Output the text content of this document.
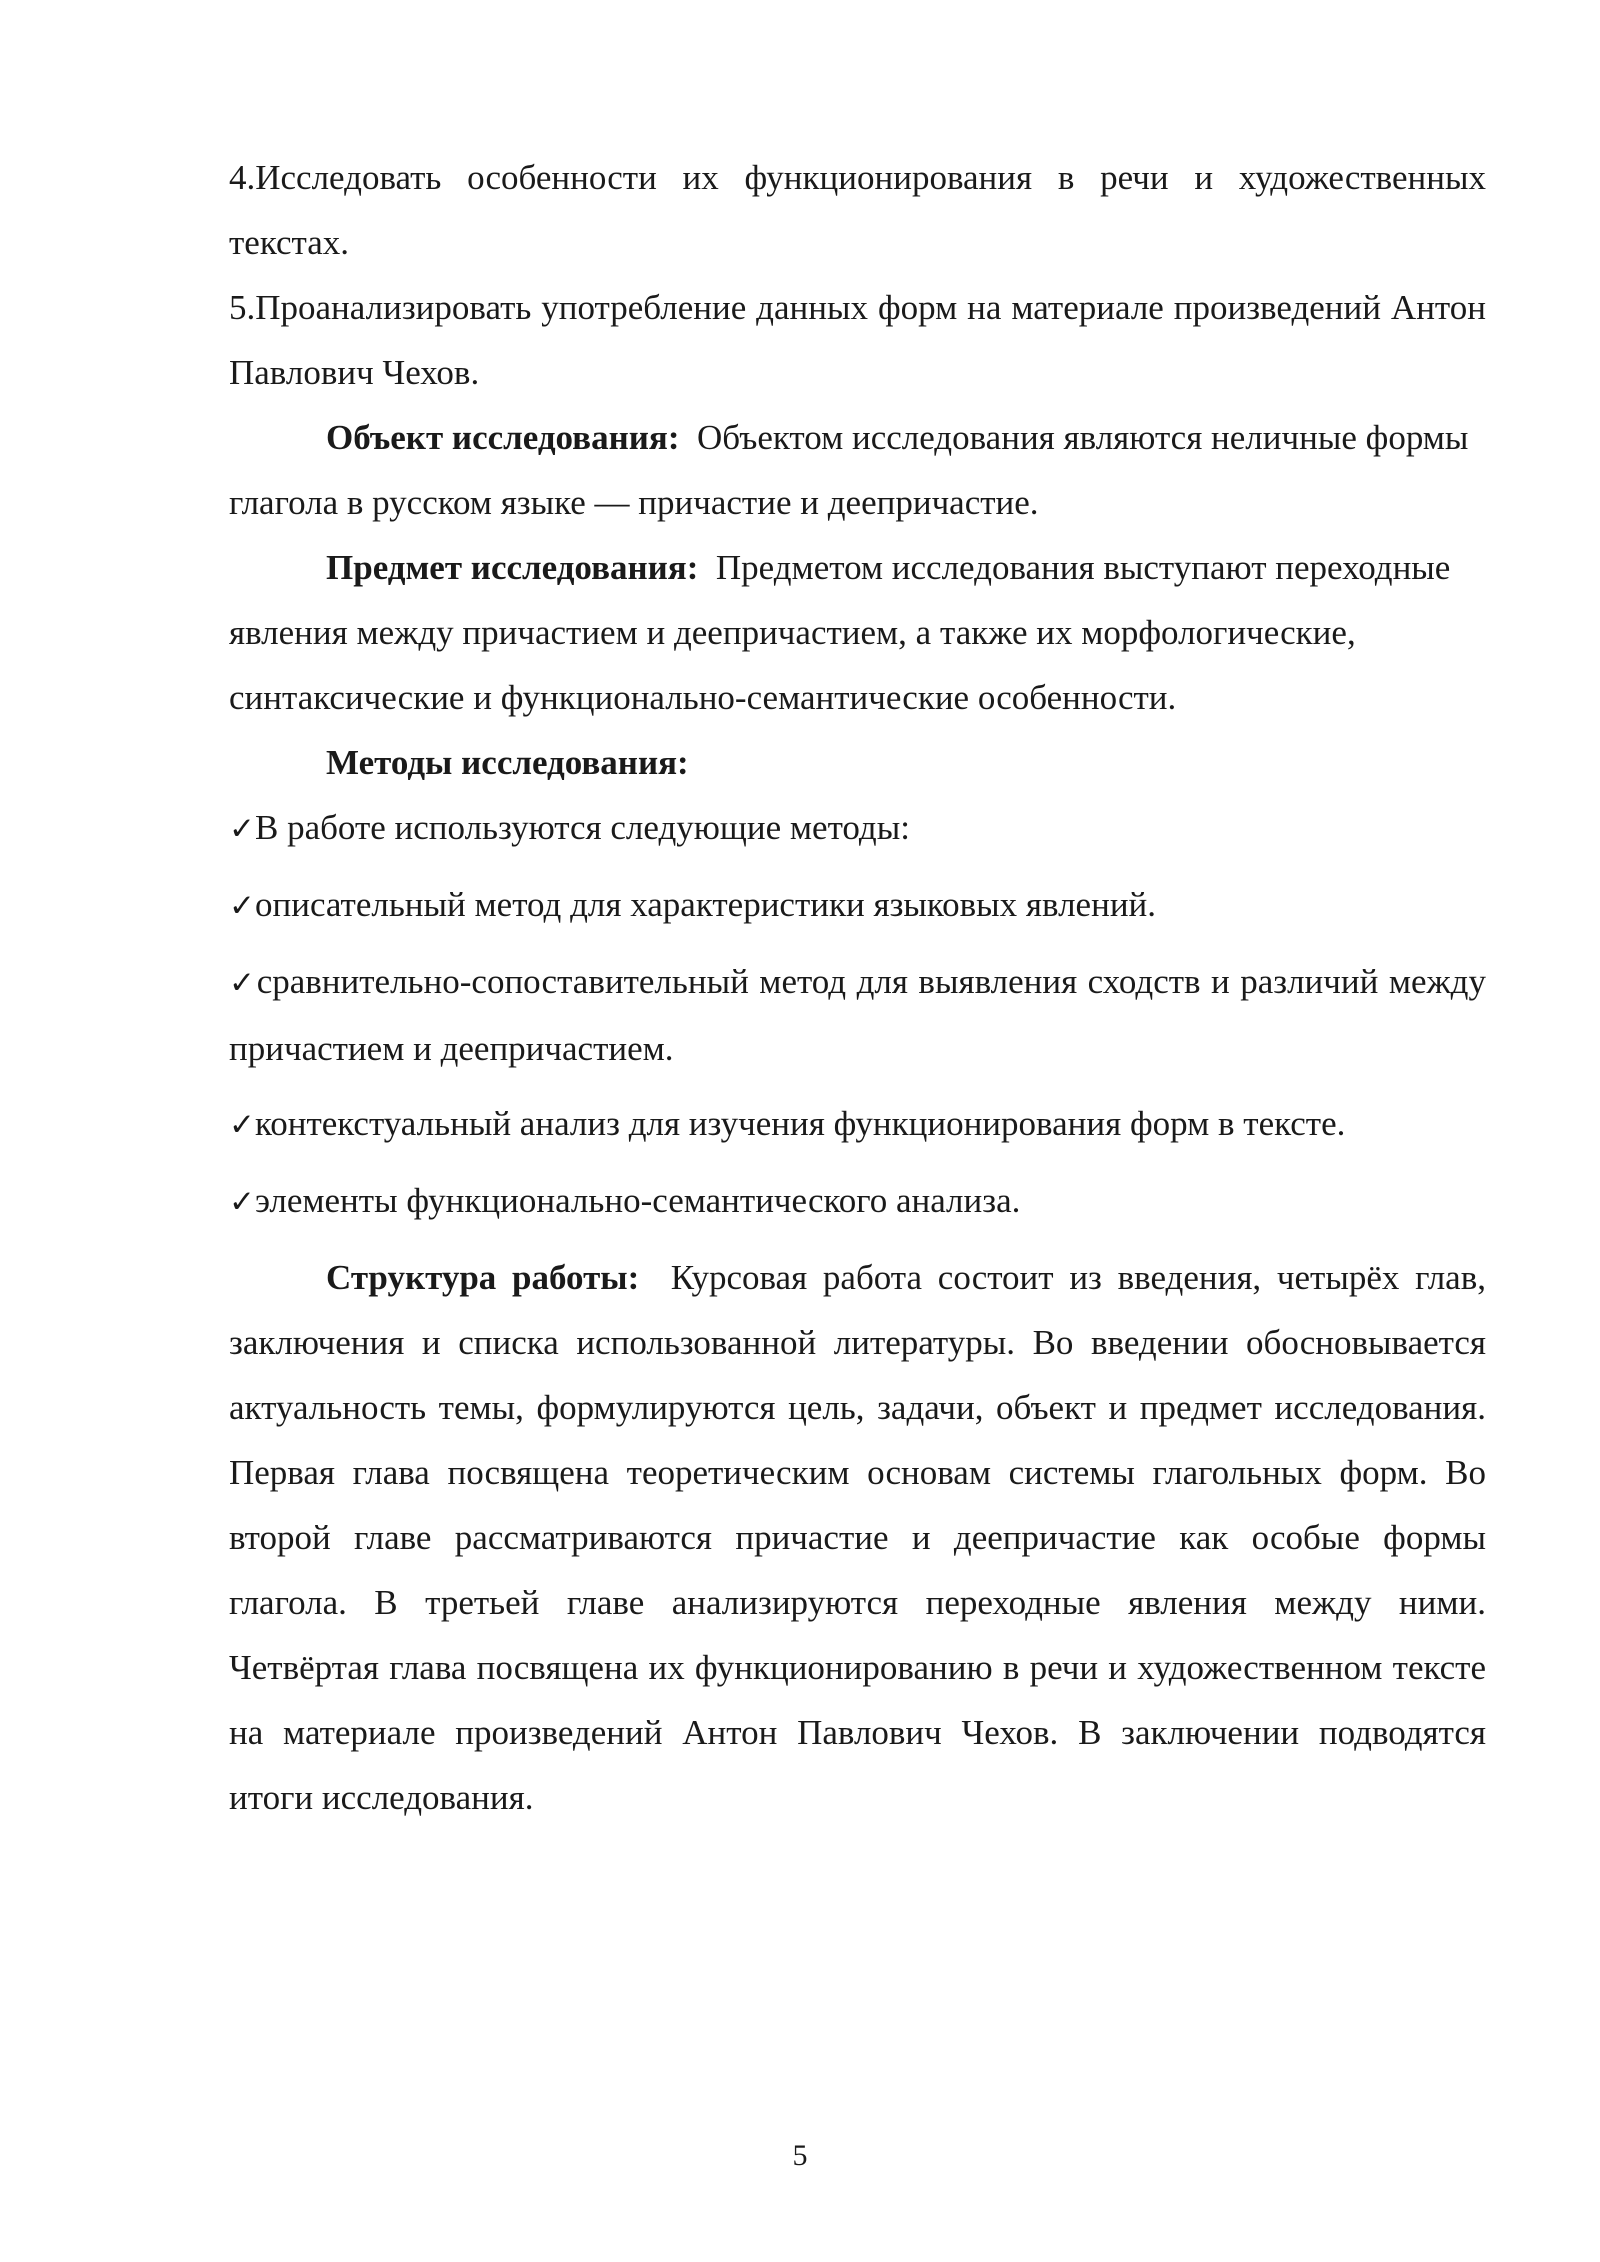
4.Исследовать особенности их функционирования в речи и художественных текстах.

5.Проанализировать употребление данных форм на материале произведений Антон Павлович Чехов.

Объект исследования: Объектом исследования являются неличные формы глагола в русском языке — причастие и деепричастие.

Предмет исследования: Предметом исследования выступают переходные явления между причастием и деепричастием, а также их морфологические, синтаксические и функционально-семантические особенности.

Методы исследования:

✓В работе используются следующие методы:

✓описательный метод для характеристики языковых явлений.

✓сравнительно-сопоставительный метод для выявления сходств и различий между причастием и деепричастием.

✓контекстуальный анализ для изучения функционирования форм в тексте.

✓элементы функционально-семантического анализа.

Структура работы: Курсовая работа состоит из введения, четырёх глав, заключения и списка использованной литературы. Во введении обосновывается актуальность темы, формулируются цель, задачи, объект и предмет исследования. Первая глава посвящена теоретическим основам системы глагольных форм. Во второй главе рассматриваются причастие и деепричастие как особые формы глагола. В третьей главе анализируются переходные явления между ними. Четвёртая глава посвящена их функционированию в речи и художественном тексте на материале произведений Антон Павлович Чехов. В заключении подводятся итоги исследования.

5
